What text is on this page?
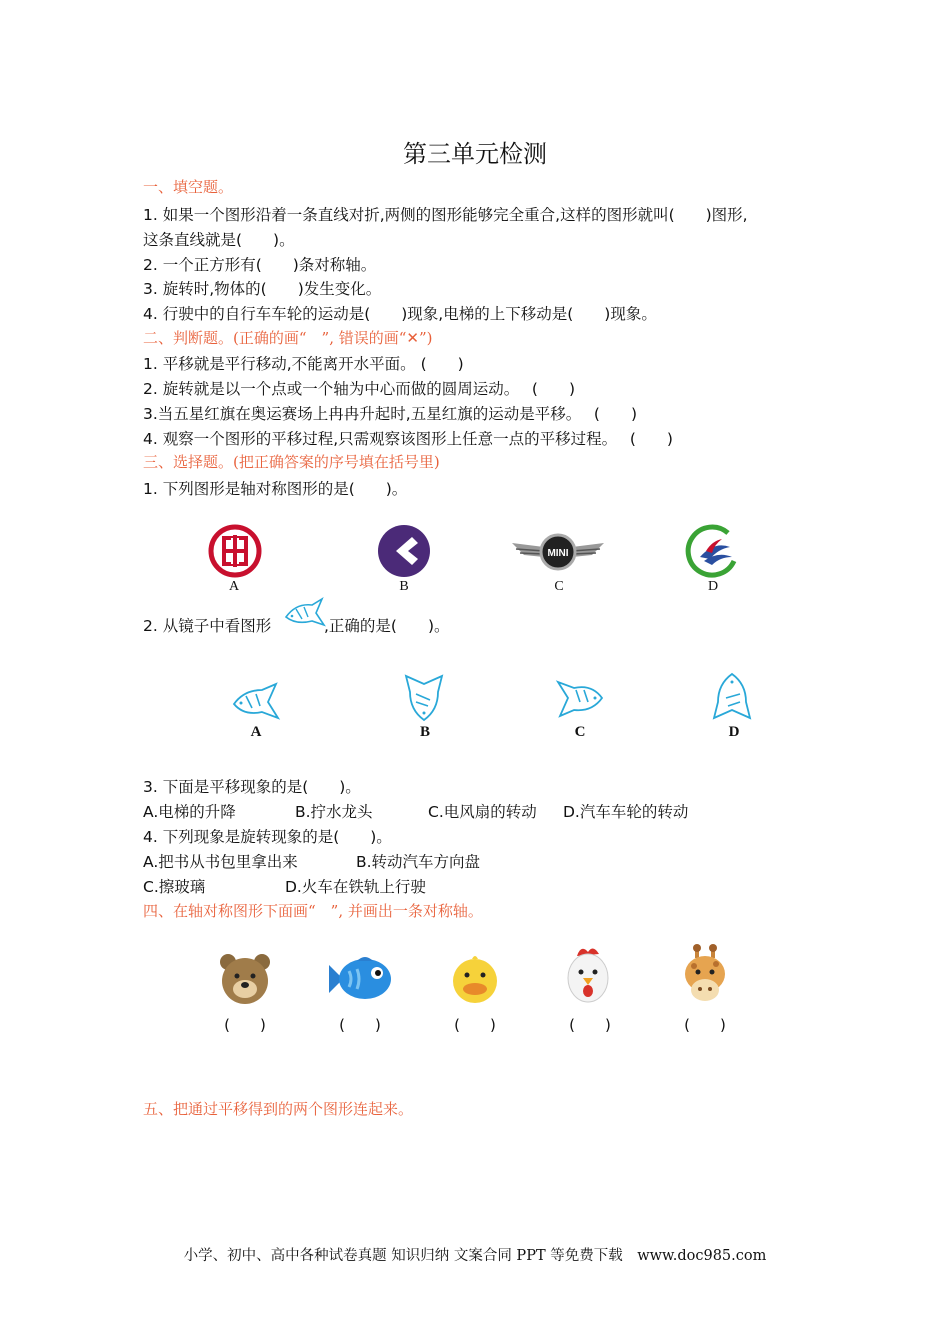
第三单元检测
一、填空题。
1. 如果一个图形沿着一条直线对折,两侧的图形能够完全重合,这样的图形就叫(　　)图形,
这条直线就是(　　)。
2. 一个正方形有(　　)条对称轴。
3. 旋转时,物体的(　　)发生变化。
4. 行驶中的自行车车轮的运动是(　　)现象,电梯的上下移动是(　　)现象。
二、判断题。(正确的画“　”, 错误的画“✕”)
1. 平移就是平行移动,不能离开水平面。 (　　)
2. 旋转就是以一个点或一个轴为中心而做的圆周运动。　 (　　)
3.当五星红旗在奥运赛场上冉冉升起时,五星红旗的运动是平移。　 (　　)
4. 观察一个图形的平移过程,只需观察该图形上任意一点的平移过程。　 (　　)
三、选择题。(把正确答案的序号填在括号里)
1. 下列图形是轴对称图形的是(　　)。
MINI
A	B	C	D
2. 从镜子中看图形	,正确的是(　　)。
A	B	C	D
3. 下面是平移现象的是(　　)。
A.电梯的升降	B.拧水龙头	C.电风扇的转动 D.汽车车轮的转动
4. 下列现象是旋转现象的是(　　)。
A.把书从书包里拿出来	B.转动汽车方向盘
C.擦玻璃	D.火车在铁轨上行驶
四、在轴对称图形下面画“　”, 并画出一条对称轴。
(　　)	(　　)	(　　)	(　　)	(　　)
五、把通过平移得到的两个图形连起来。
小学、初中、高中各种试卷真题 知识归纳 文案合同 PPT 等免费下载　www.doc985.com
